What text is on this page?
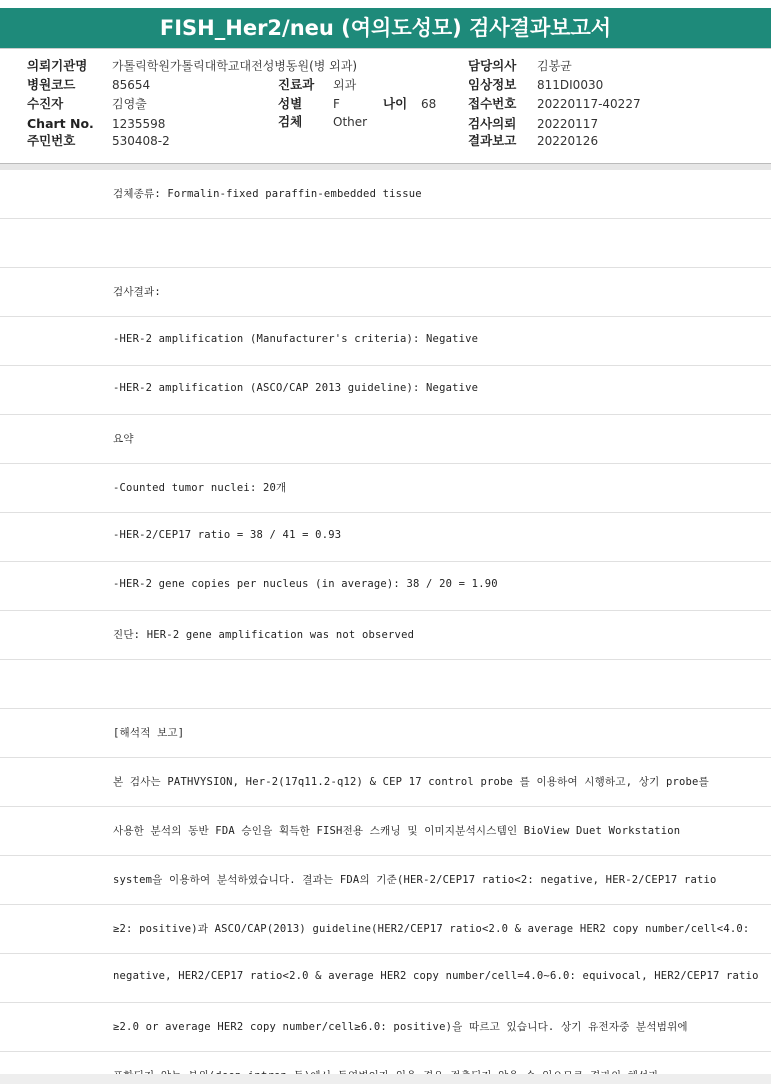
FISH_Her2/neu (여의도성모) 검사결과보고서
의뢰기관명 가톨릭학원가톨릭대학교대전성병동원(병 외과)	담당의사 김봉균
병원코드	85654	진료과 외과	임상정보 811DI0030
수진자	김영출	성별	F	나이 68	접수번호 20220117-40227
Chart No. 1235598	검체	Other	검사의뢰 20220117
주민번호	530408-2	결과보고 20220126
검체종류: Formalin-fixed paraffin-embedded tissue
검사결과:
-HER-2 amplification (Manufacturer's criteria): Negative
-HER-2 amplification (ASCO/CAP 2013 guideline): Negative
요약
-Counted tumor nuclei: 20개
-HER-2/CEP17 ratio = 38 / 41 = 0.93
-HER-2 gene copies per nucleus (in average): 38 / 20 = 1.90
진단: HER-2 gene amplification was not observed
[해석적 보고]
본 검사는 PATHVYSION, Her-2(17q11.2-q12) & CEP 17 control probe 를 이용하여 시행하고, 상기 probe를
사용한 분석의 동반 FDA 승인을 획득한 FISH전용 스캐닝 및 이미지분석시스템인 BioView Duet Workstation
system을 이용하여 분석하였습니다. 결과는 FDA의 기준(HER-2/CEP17 ratio<2: negative, HER-2/CEP17 ratio
≥2: positive)과 ASCO/CAP(2013) guideline(HER2/CEP17 ratio<2.0 & average HER2 copy number/cell<4.0:
negative, HER2/CEP17 ratio<2.0 & average HER2 copy number/cell=4.0~6.0: equivocal, HER2/CEP17 ratio
≥2.0 or average HER2 copy number/cell≥6.0: positive)을 따르고 있습니다. 상기 유전자중 분석범위에
